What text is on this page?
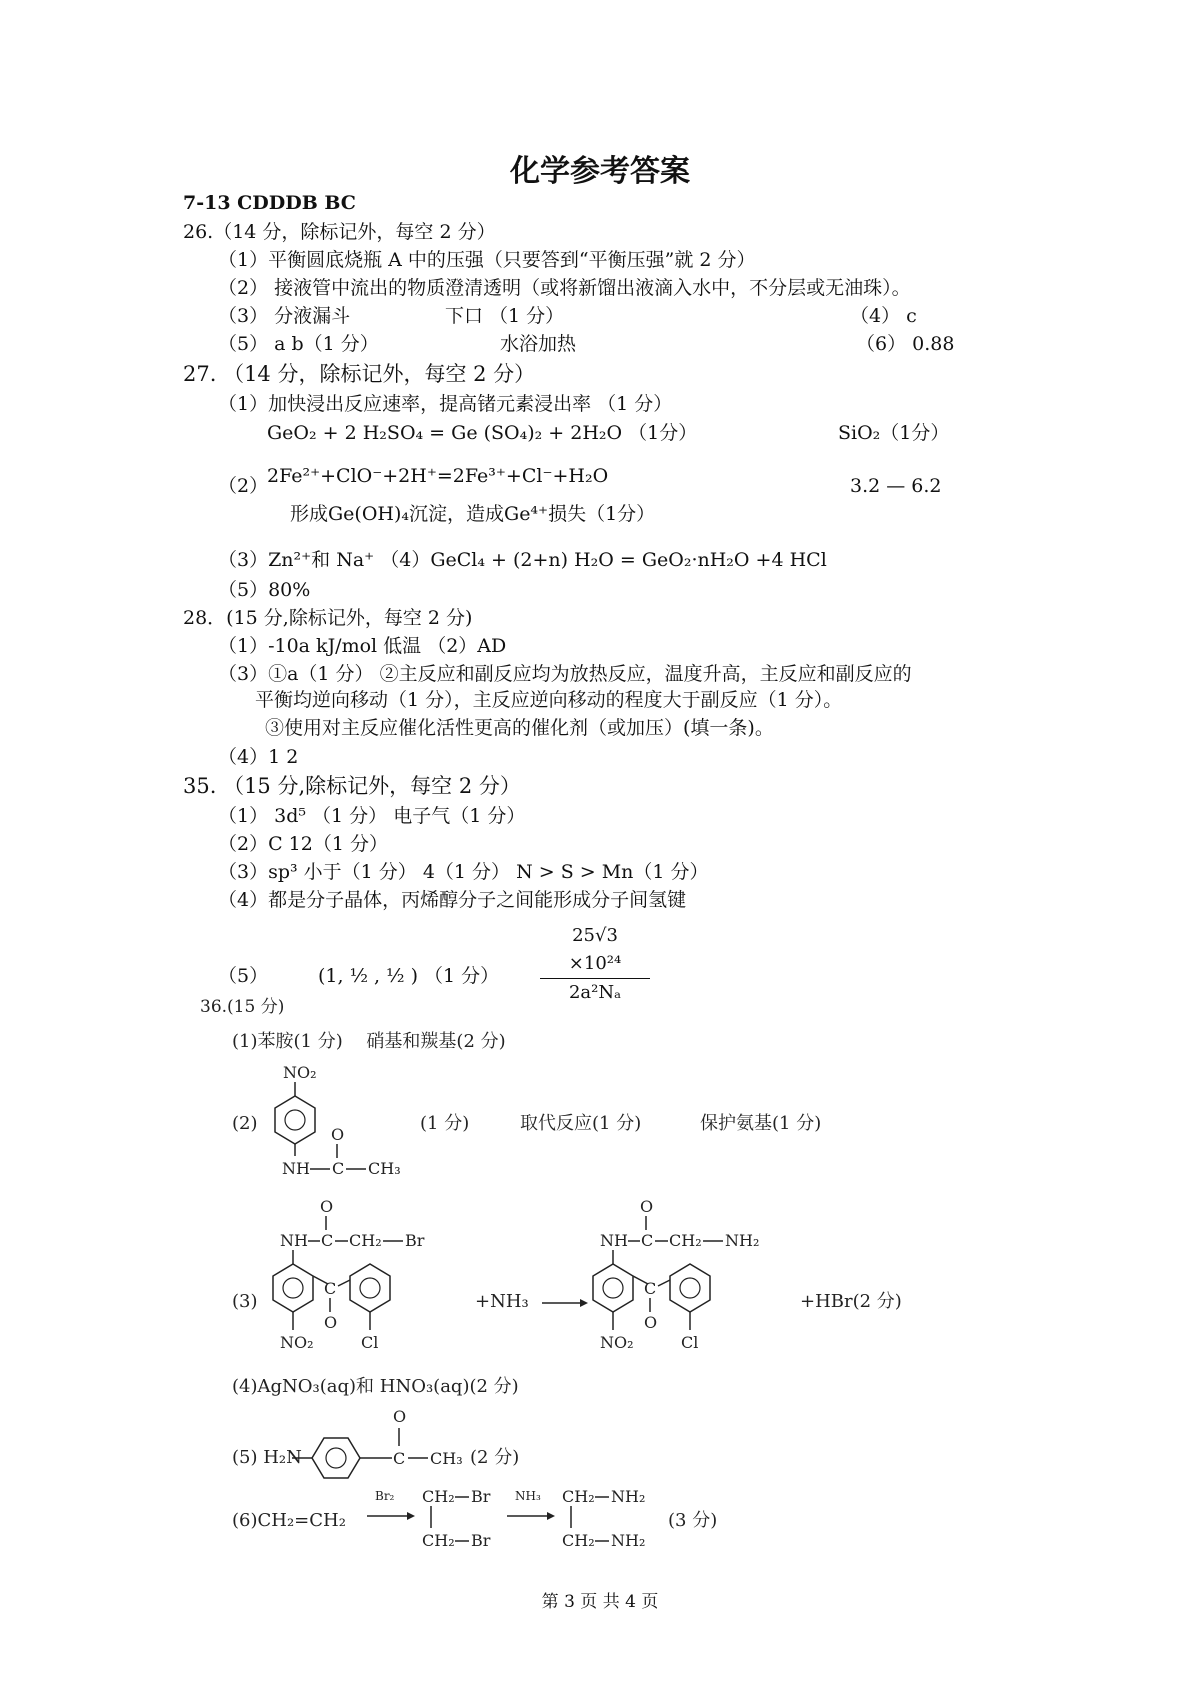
化学参考答案
7-13 CDDDB BC
26.（14 分，除标记外，每空 2 分）
（1）平衡圆底烧瓶 A 中的压强（只要答到“平衡压强”就 2 分）
（2） 接液管中流出的物质澄清透明（或将新馏出液滴入水中，不分层或无油珠）。
（3） 分液漏斗	下口 （1 分）	（4） c
（5） a b（1 分）	水浴加热	（6） 0.88
27. （14 分，除标记外，每空 2 分）
（1）加快浸出反应速率，提高锗元素浸出率 （1 分）
GeO₂ + 2 H₂SO₄ = Ge (SO₄)₂ + 2H₂O （1分）	SiO₂（1分）
（2）
2Fe²⁺+ClO⁻+2H⁺=2Fe³⁺+Cl⁻+H₂O	3.2 — 6.2
形成Ge(OH)₄沉淀，造成Ge⁴⁺损失（1分）
（3）Zn²⁺和 Na⁺ （4）GeCl₄ + (2+n) H₂O = GeO₂·nH₂O +4 HCl
（5）80%
28．(15 分,除标记外，每空 2 分)
（1）-10a kJ/mol 低温 （2）AD
（3）①a（1 分） ②主反应和副反应均为放热反应，温度升高，主反应和副反应的
平衡均逆向移动（1 分），主反应逆向移动的程度大于副反应（1 分）。
③使用对主反应催化活性更高的催化剂（或加压）(填一条)。
（4）1 2
35. （15 分,除标记外，每空 2 分）
（1） 3d⁵ （1 分） 电子气（1 分）
（2）C 12（1 分）
（3）sp³ 小于（1 分） 4（1 分） N > S > Mn（1 分）
（4）都是分子晶体，丙烯醇分子之间能形成分子间氢键
（5）	(1, ½ , ½ ) （1 分） $\frac{\text{25√3 ×10²⁴}}{\text{2a²Nₐ}}$
36.(15 分)
(1)苯胺(1 分)　 硝基和羰基(2 分)
(2)	(1 分)	取代反应(1 分)	保护氨基(1 分)
NO₂
NH C
O
CH₃
(3)
O
NH C CH₂ Br
C
O
Cl
NO₂
+NH₃ →
O
NH C CH₂ NH₂
C
O
Cl
NO₂
+HBr(2 分)
(4)AgNO₃(aq)和 HNO₃(aq)(2 分)
(5) H₂N	C
O
CH₃ (2 分)
(6)CH₂=CH₂
Br₂ CH₂ Br
CH₂ Br
NH₃ CH₂ NH₂
CH₂ NH₂
(3 分)
第 3 页 共 4 页
